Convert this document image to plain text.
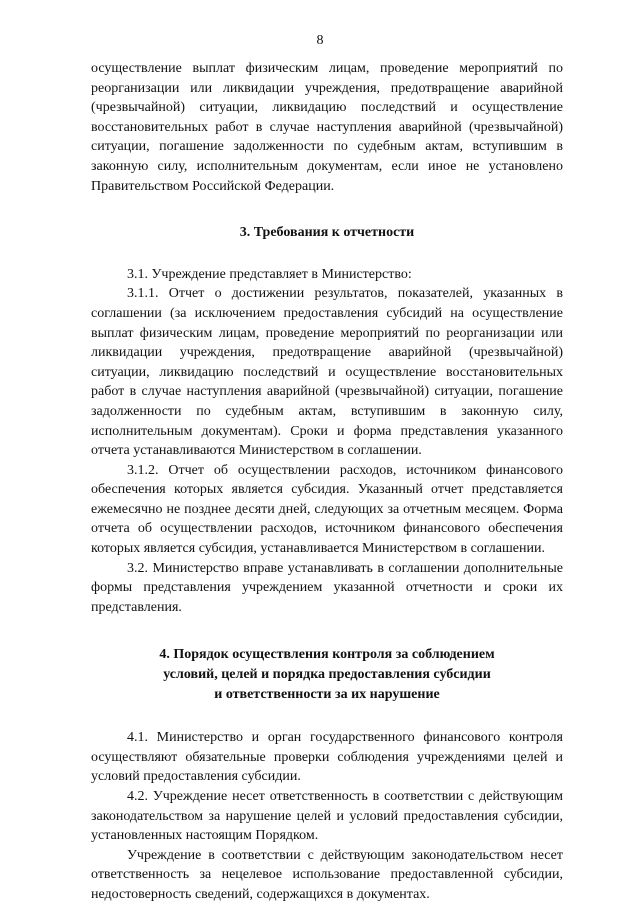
8

осуществление выплат физическим лицам, проведение мероприятий по реорганизации или ликвидации учреждения, предотвращение аварийной (чрезвычайной) ситуации, ликвидацию последствий и осуществление восстановительных работ в случае наступления аварийной (чрезвычайной) ситуации, погашение задолженности по судебным актам, вступившим в законную силу, исполнительным документам, если иное не установлено Правительством Российской Федерации.

3. Требования к отчетности

3.1. Учреждение представляет в Министерство:

3.1.1. Отчет о достижении результатов, показателей, указанных в соглашении (за исключением предоставления субсидий на осуществление выплат физическим лицам, проведение мероприятий по реорганизации или ликвидации учреждения, предотвращение аварийной (чрезвычайной) ситуации, ликвидацию последствий и осуществление восстановительных работ в случае наступления аварийной (чрезвычайной) ситуации, погашение задолженности по судебным актам, вступившим в законную силу, исполнительным документам). Сроки и форма представления указанного отчета устанавливаются Министерством в соглашении.

3.1.2. Отчет об осуществлении расходов, источником финансового обеспечения которых является субсидия. Указанный отчет представляется ежемесячно не позднее десяти дней, следующих за отчетным месяцем. Форма отчета об осуществлении расходов, источником финансового обеспечения которых является субсидия, устанавливается Министерством в соглашении.

3.2. Министерство вправе устанавливать в соглашении дополнительные формы представления учреждением указанной отчетности и сроки их представления.

4. Порядок осуществления контроля за соблюдением
условий, целей и порядка предоставления субсидии
и ответственности за их нарушение

4.1. Министерство и орган государственного финансового контроля осуществляют обязательные проверки соблюдения учреждениями целей и условий предоставления субсидии.

4.2. Учреждение несет ответственность в соответствии с действующим законодательством за нарушение целей и условий предоставления субсидии, установленных настоящим Порядком.

Учреждение в соответствии с действующим законодательством несет ответственность за нецелевое использование предоставленной субсидии, недостоверность сведений, содержащихся в документах.
